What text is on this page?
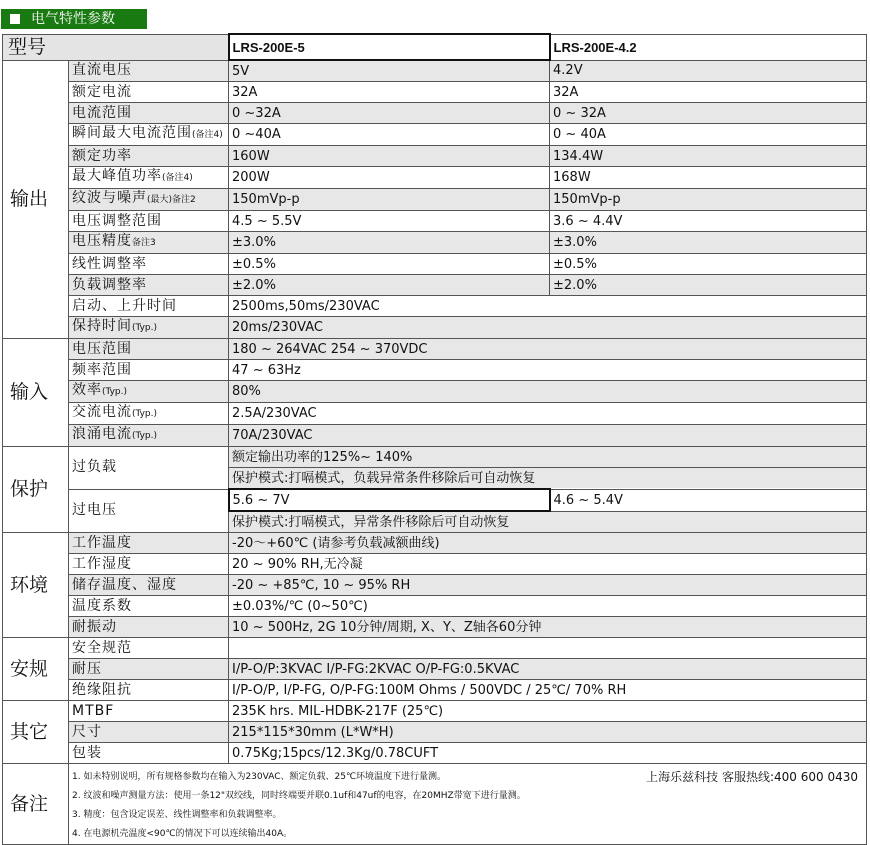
电气特性参数
型号		LRS-200E-5	LRS-200E-4.2
输出	直流电压	5V	4.2V
	额定电流	32A	32A
	电流范围	0 ~32A	0 ~ 32A
	瞬间最大电流范围(备注4)	0 ~40A	0 ~ 40A
	额定功率	160W	134.4W
	最大峰值功率(备注4)	200W	168W
	纹波与噪声(最大)备注2	150mVp-p	150mVp-p
	电压调整范围	4.5 ~ 5.5V	3.6 ~ 4.4V
	电压精度备注3	±3.0%	±3.0%
	线性调整率	±0.5%	±0.5%
	负载调整率	±2.0%	±2.0%
	启动、上升时间	2500ms,50ms/230VAC	
	保持时间(Typ.)	20ms/230VAC	
输入	电压范围	180 ~ 264VAC 254 ~ 370VDC	
	频率范围	47 ~ 63Hz	
	效率(Typ.)	80%	
	交流电流(Typ.)	2.5A/230VAC	
	浪涌电流(Typ.)	70A/230VAC	
保护	过负载	额定输出功率的125%~ 140%	
		保护模式:打嗝模式，负载异常条件移除后可自动恢复	
	过电压	5.6 ~ 7V	4.6 ~ 5.4V
		保护模式:打嗝模式，异常条件移除后可自动恢复	
环境	工作温度	-20～+60℃ (请参考负载减额曲线)	
	工作湿度	20 ~ 90% RH,无冷凝	
	储存温度、湿度	-20 ~ +85℃, 10 ~ 95% RH	
	温度系数	±0.03%/℃ (0~50℃)	
	耐振动	10 ~ 500Hz, 2G 10分钟/周期, X、Y、Z轴各60分钟	
安规	安全规范		
	耐压	I/P-O/P:3KVAC I/P-FG:2KVAC O/P-FG:0.5KVAC	
	绝缘阻抗	I/P-O/P, I/P-FG, O/P-FG:100M Ohms / 500VDC / 25℃/ 70% RH	
其它	MTBF	235K hrs. MIL-HDBK-217F (25℃)	
	尺寸	215*115*30mm (L*W*H)	
	包装	0.75Kg;15pcs/12.3Kg/0.78CUFT	
备注	1. 如未特别说明，所有规格参数均在输入为230VAC、额定负载、25℃环境温度下进行量测。
2. 纹波和噪声测量方法：使用一条12"双绞线，同时终端要并联0.1uf和47uf的电容，在20MHZ带宽下进行量测。
3. 精度：包含设定误差、线性调整率和负载调整率。
4. 在电源机壳温度<90℃的情况下可以连续输出40A。
上海乐兹科技 客服热线:400 600 0430		
